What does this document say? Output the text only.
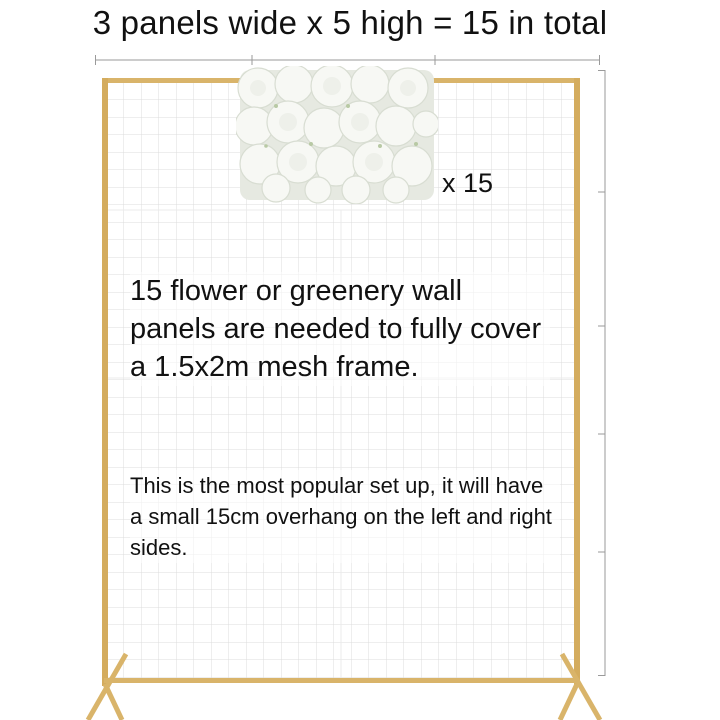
3 panels wide x 5 high = 15 in total
x 15
15 flower or greenery wall panels are needed to fully cover a 1.5x2m mesh frame.
This is the most popular set up, it will have a small 15cm overhang on the left and right sides.
